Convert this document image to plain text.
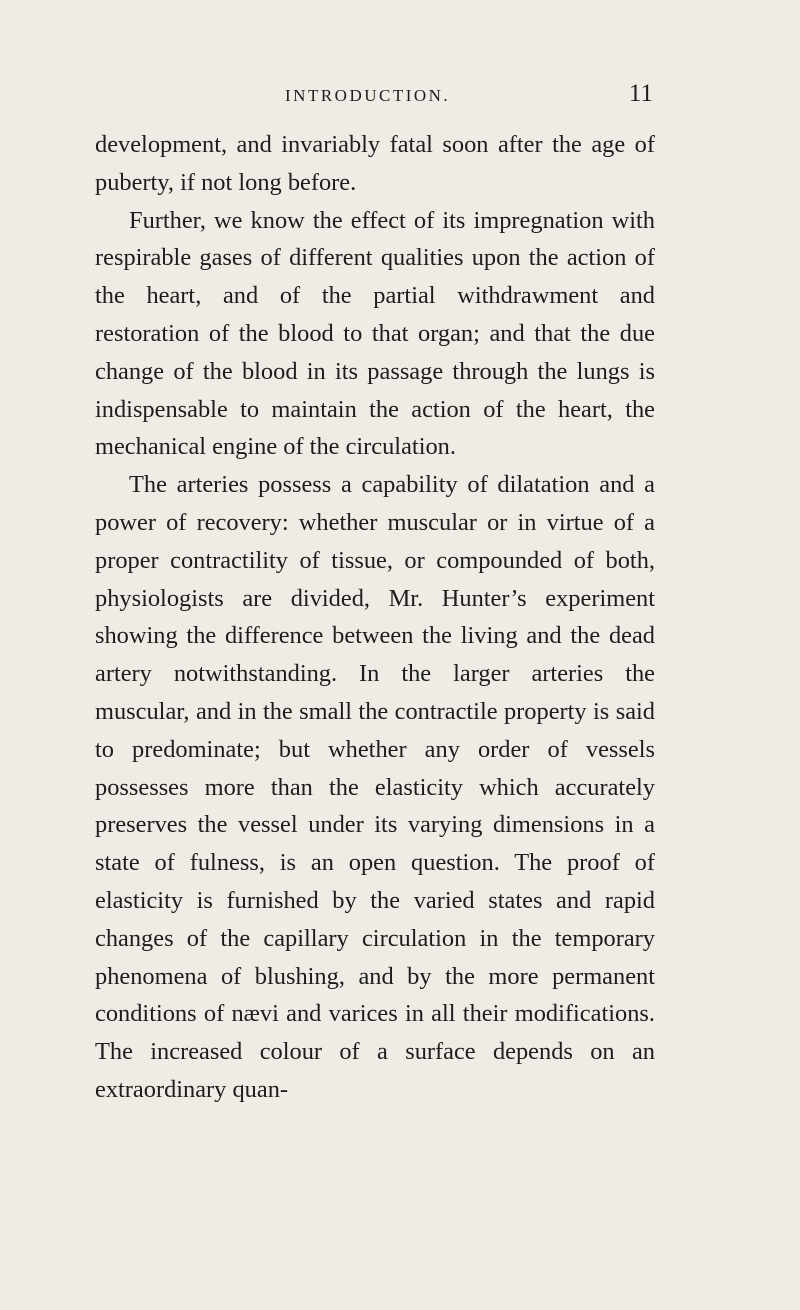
INTRODUCTION.	11

development, and invariably fatal soon after the age of puberty, if not long before.

Further, we know the effect of its impregnation with respirable gases of different qualities upon the action of the heart, and of the partial withdrawment and restoration of the blood to that organ; and that the due change of the blood in its passage through the lungs is indispensable to maintain the action of the heart, the mechanical engine of the circulation.

The arteries possess a capability of dilatation and a power of recovery: whether muscular or in virtue of a proper contractility of tissue, or compounded of both, physiologists are divided, Mr. Hunter’s experiment showing the difference between the living and the dead artery notwithstanding. In the larger arteries the muscular, and in the small the contractile property is said to predominate; but whether any order of vessels possesses more than the elasticity which accurately preserves the vessel under its varying dimensions in a state of fulness, is an open question. The proof of elasticity is furnished by the varied states and rapid changes of the capillary circulation in the temporary phenomena of blushing, and by the more permanent conditions of nævi and varices in all their modifications. The increased colour of a surface depends on an extraordinary quan-
